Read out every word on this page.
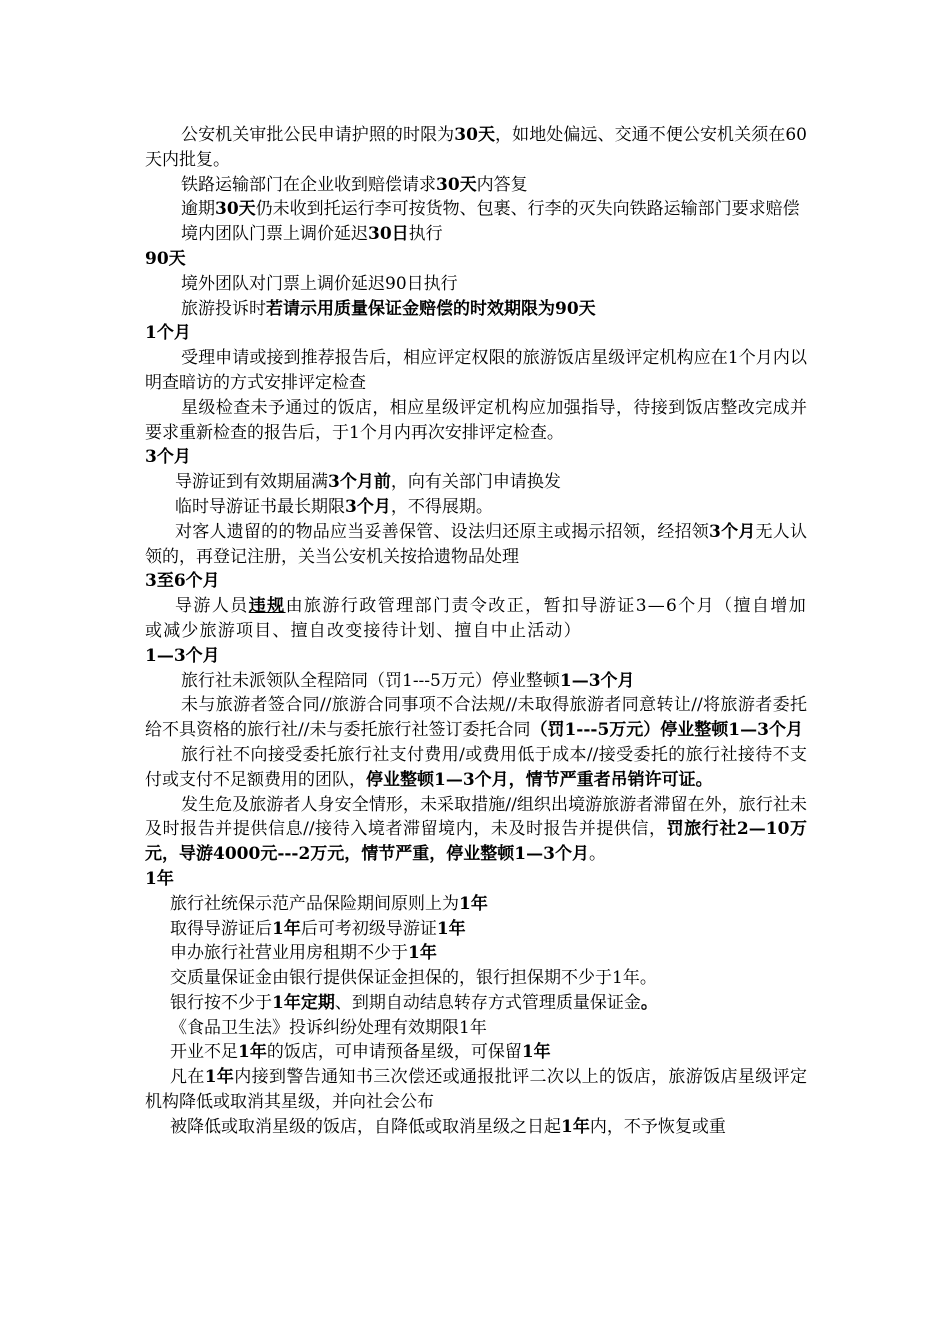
公安机关审批公民申请护照的时限为30天，如地处偏远、交通不便公安机关须在60天内批复。

铁路运输部门在企业收到赔偿请求30天内答复

逾期30天仍未收到托运行李可按货物、包裹、行李的灭失向铁路运输部门要求赔偿

境内团队门票上调价延迟30日执行

90天

境外团队对门票上调价延迟90日执行

旅游投诉时若请示用质量保证金赔偿的时效期限为90天

1个月

受理申请或接到推荐报告后，相应评定权限的旅游饭店星级评定机构应在1个月内以明查暗访的方式安排评定检查

星级检查未予通过的饭店，相应星级评定机构应加强指导，待接到饭店整改完成并要求重新检查的报告后，于1个月内再次安排评定检查。

3个月

导游证到有效期届满3个月前，向有关部门申请换发

临时导游证书最长期限3个月，不得展期。

对客人遗留的的物品应当妥善保管、设法归还原主或揭示招领，经招领3个月无人认领的，再登记注册，关当公安机关按拾遗物品处理

3至6个月

导游人员违规由旅游行政管理部门责令改正，暂扣导游证3—6个月（擅自增加或减少旅游项目、擅自改变接待计划、擅自中止活动）

1—3个月

旅行社未派领队全程陪同（罚1---5万元）停业整顿1—3个月

未与旅游者签合同//旅游合同事项不合法规//未取得旅游者同意转让//将旅游者委托给不具资格的旅行社//未与委托旅行社签订委托合同（罚1---5万元）停业整顿1—3个月

旅行社不向接受委托旅行社支付费用/或费用低于成本//接受委托的旅行社接待不支付或支付不足额费用的团队，停业整顿1—3个月，情节严重者吊销许可证。

发生危及旅游者人身安全情形，未采取措施//组织出境游旅游者滞留在外，旅行社未及时报告并提供信息//接待入境者滞留境内，未及时报告并提供信，罚旅行社2—10万元，导游4000元---2万元，情节严重，停业整顿1—3个月。

1年

旅行社统保示范产品保险期间原则上为1年

取得导游证后1年后可考初级导游证1年

申办旅行社营业用房租期不少于1年

交质量保证金由银行提供保证金担保的，银行担保期不少于1年。

银行按不少于1年定期、到期自动结息转存方式管理质量保证金。

《食品卫生法》投诉纠纷处理有效期限1年

开业不足1年的饭店，可申请预备星级，可保留1年

凡在1年内接到警告通知书三次偿还或通报批评二次以上的饭店，旅游饭店星级评定机构降低或取消其星级，并向社会公布

被降低或取消星级的饭店，自降低或取消星级之日起1年内，不予恢复或重
